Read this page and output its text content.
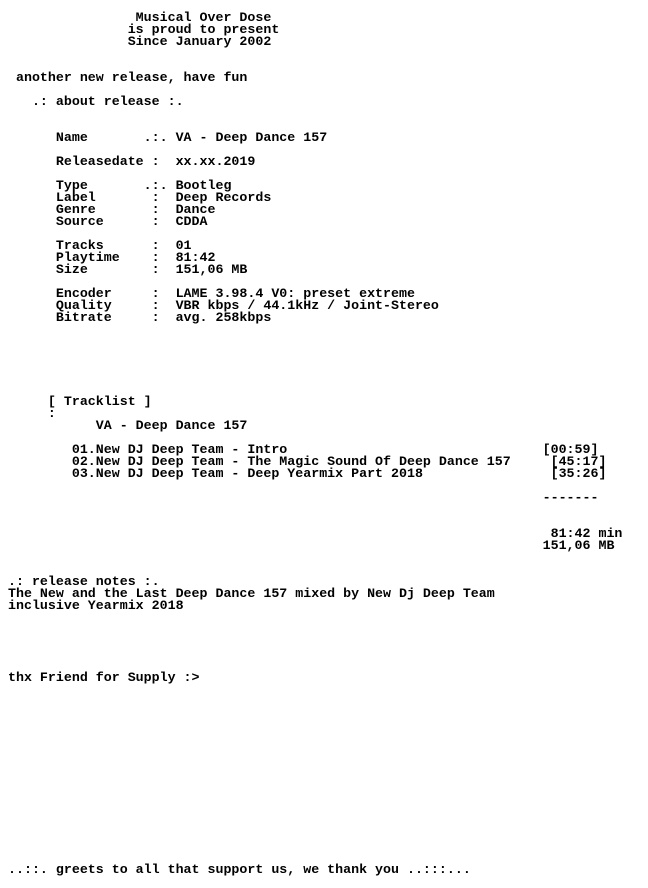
Musical Over Dose
is proud to present
Since January 2002

another new release, have fun

.: about release :.

Name       .:. VA - Deep Dance 157

Releasedate :  xx.xx.2019

Type       .:. Bootleg
Label       :  Deep Records
Genre       :  Dance
Source      :  CDDA

Tracks      :  01
Playtime    :  81:42
Size        :  151,06 MB

Encoder     :  LAME 3.98.4 V0: preset extreme
Quality     :  VBR kbps / 44.1kHz / Joint-Stereo
Bitrate     :  avg. 258kbps

[ Tracklist ]
:
VA - Deep Dance 157

01.New DJ Deep Team - Intro                                [00:59]
02.New DJ Deep Team - The Magic Sound Of Deep Dance 157     [45:17]
03.New DJ Deep Team - Deep Yearmix Part 2018                [35:26]

-------

81:42 min
151,06 MB

.: release notes :.
The New and the Last Deep Dance 157 mixed by New Dj Deep Team
inclusive Yearmix 2018

thx Friend for Supply :>

..::. greets to all that support us, we thank you ..:::...
